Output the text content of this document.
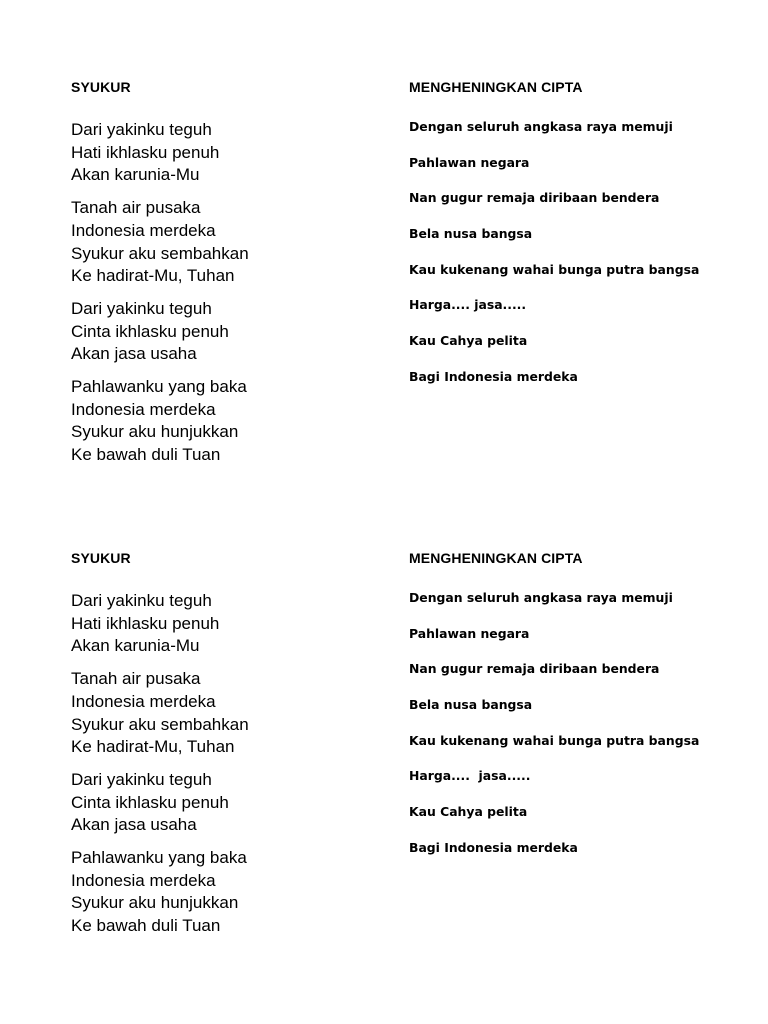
SYUKUR
Dari yakinku teguh
Hati ikhlasku penuh
Akan karunia-Mu
Tanah air pusaka
Indonesia merdeka
Syukur aku sembahkan
Ke hadirat-Mu, Tuhan
Dari yakinku teguh
Cinta ikhlasku penuh
Akan jasa usaha
Pahlawanku yang baka
Indonesia merdeka
Syukur aku hunjukkan
Ke bawah duli Tuan
MENGHENINGKAN CIPTA
Dengan seluruh angkasa raya memuji
Pahlawan negara
Nan gugur remaja diribaan bendera
Bela nusa bangsa
Kau kukenang wahai bunga putra bangsa
Harga.... jasa.....
Kau Cahya pelita
Bagi Indonesia merdeka
SYUKUR
Dari yakinku teguh
Hati ikhlasku penuh
Akan karunia-Mu
Tanah air pusaka
Indonesia merdeka
Syukur aku sembahkan
Ke hadirat-Mu, Tuhan
Dari yakinku teguh
Cinta ikhlasku penuh
Akan jasa usaha
Pahlawanku yang baka
Indonesia merdeka
Syukur aku hunjukkan
Ke bawah duli Tuan
MENGHENINGKAN CIPTA
Dengan seluruh angkasa raya memuji
Pahlawan negara
Nan gugur remaja diribaan bendera
Bela nusa bangsa
Kau kukenang wahai bunga putra bangsa
Harga....  jasa.....
Kau Cahya pelita
Bagi Indonesia merdeka
